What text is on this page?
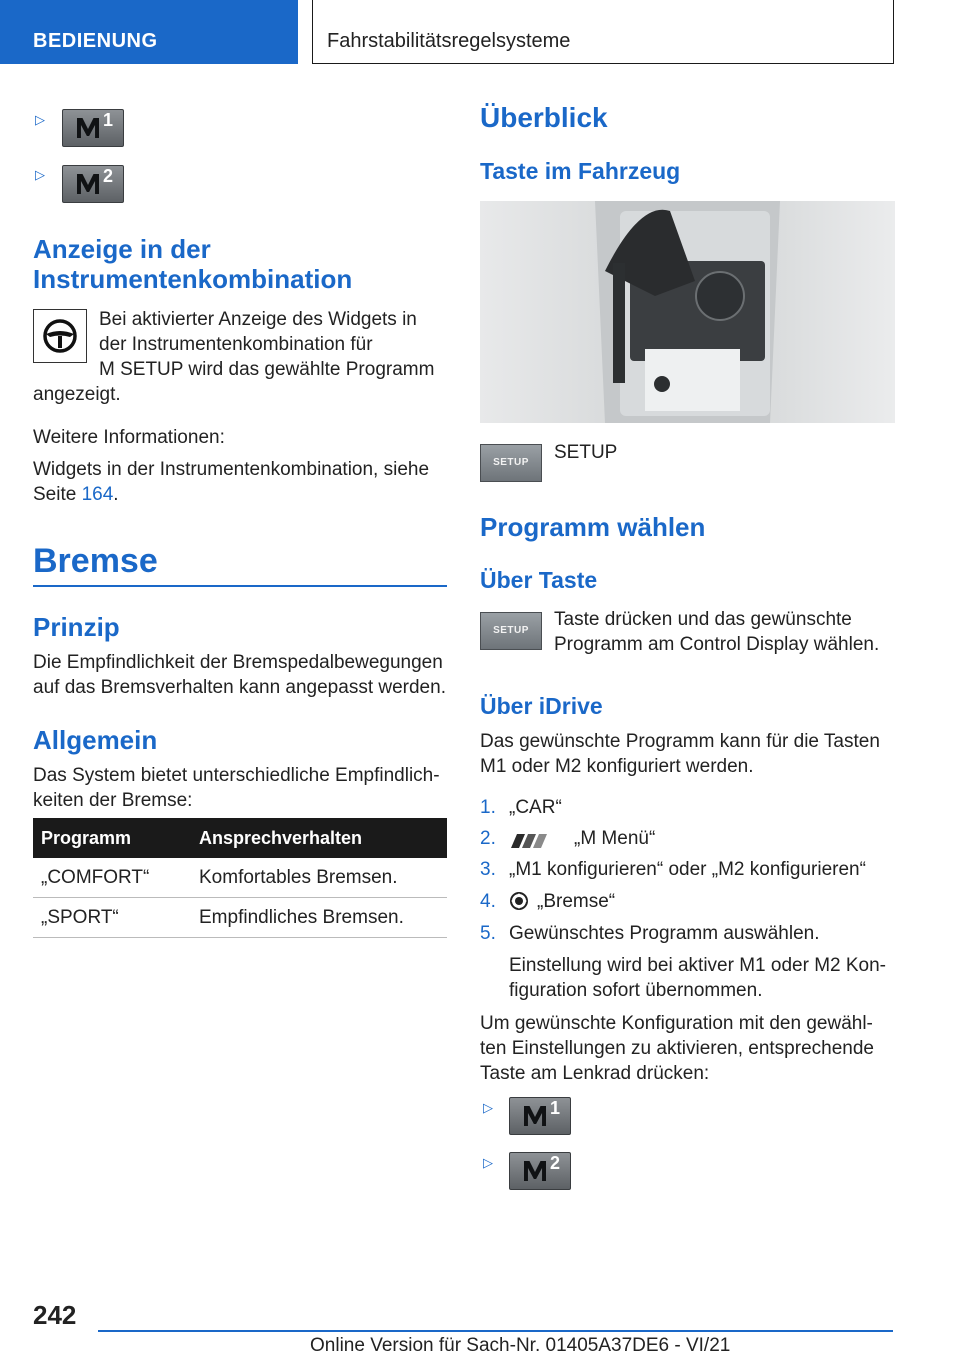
BEDIENUNG	Fahrstabilitätsregelsysteme
▷	1
▷	2
Anzeige in der
Instrumentenkombination
Bei aktivierter Anzeige des Widgets in
der Instrumentenkombination für
M SETUP wird das gewählte Programm
angezeigt.
Weitere Informationen:
Widgets in der Instrumentenkombination, siehe
Seite 164.
Bremse
Prinzip
Die Empfindlichkeit der Bremspedalbewegungen
auf das Bremsverhalten kann angepasst werden.
Allgemein
Das System bietet unterschiedliche Empfindlich-
keiten der Bremse:
Programm	Ansprechverhalten
„COMFORT“	Komfortables Bremsen.
„SPORT“	Empfindliches Bremsen.
Überblick
Taste im Fahrzeug
SETUP	SETUP
Programm wählen
Über Taste
SETUP
Taste drücken und das gewünschte
Programm am Control Display wählen.
Über iDrive
Das gewünschte Programm kann für die Tasten
M1 oder M2 konfiguriert werden.
1. „CAR“
2.	„M Menü“
3. „M1 konfigurieren“ oder „M2 konfigurieren“
4. „Bremse“
5. Gewünschtes Programm auswählen.
Einstellung wird bei aktiver M1 oder M2 Kon-
figuration sofort übernommen.
Um gewünschte Konfiguration mit den gewähl-
ten Einstellungen zu aktivieren, entsprechende
Taste am Lenkrad drücken:
▷	1
▷	2
242
Online Version für Sach-Nr. 01405A37DE6 - VI/21
